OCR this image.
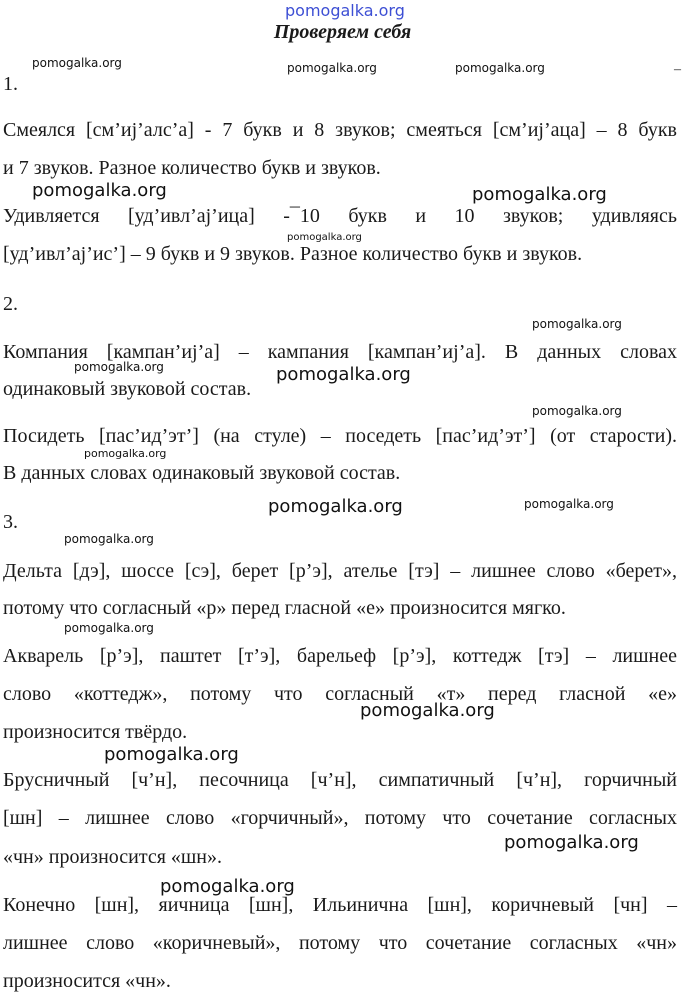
pomogalka.org

Проверяем себя
–

1.

Смеялся [см’иј’алс’а] - 7 букв и 8 звуков; смеяться [см’иј’аца] – 8 букв

и 7 звуков. Разное количество букв и звуков.

Удивляется [уд’ивл’ај’ица] -¯10 букв и 10 звуков; удивляясь

[уд’ивл’ај’ис’] – 9 букв и 9 звуков. Разное количество букв и звуков.

2.

Компания [кампан’иј’а] – кампания [кампан’иј’а]. В данных словах

одинаковый звуковой состав.

Посидеть [пас’ид’эт’] (на стуле) – поседеть [пас’ид’эт’] (от старости).

В данных словах одинаковый звуковой состав.

3.

Дельта [дэ], шоссе [сэ], берет [р’э], ателье [тэ] – лишнее слово «берет»,

потому что согласный «р» перед гласной «е» произносится мягко.

Акварель [р’э], паштет [т’э], барельеф [р’э], коттедж [тэ] – лишнее

слово «коттедж», потому что согласный «т» перед гласной «е»

произносится твёрдо.

Брусничный [ч’н], песочница [ч’н], симпатичный [ч’н], горчичный

[шн] – лишнее слово «горчичный», потому что сочетание согласных

«чн» произносится «шн».

Конечно [шн], яичница [шн], Ильинична [шн], коричневый [чн] –

лишнее слово «коричневый», потому что сочетание согласных «чн»

произносится «чн».

pomogalka.org	pomogalka.org	pomogalka.org

pomogalka.org	pomogalka.org

pomogalka.org

pomogalka.org

pomogalka.org	pomogalka.org

pomogalka.org

pomogalka.org

pomogalka.org	pomogalka.org

pomogalka.org

pomogalka.org

pomogalka.org

pomogalka.org

pomogalka.org

pomogalka.org
